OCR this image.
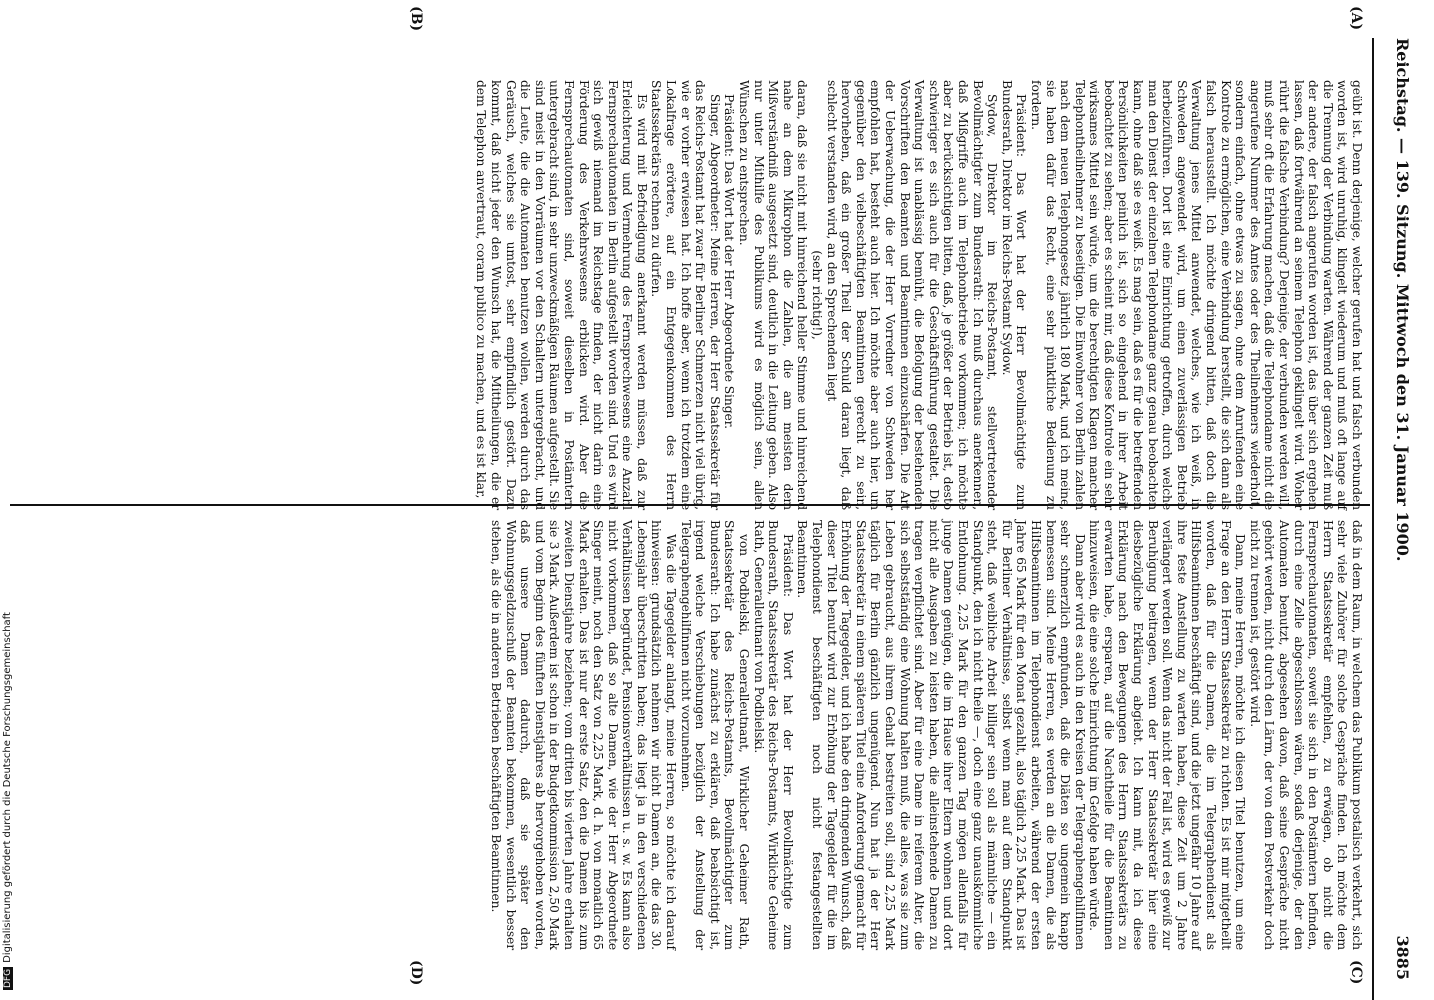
Reichstag. — 139. Sitzung. Mittwoch den 31. Januar 1900.
3885
(A)
(B)
(C)
(D)

geübt ist. Denn derjenige, welcher gerufen hat und falsch verbunden worden ist, wird unruhig, klingelt wiederum und muß oft lange auf die Trennung der Verbindung warten. Während der ganzen Zeit muß der andere, der falsch angerufen worden ist, das über sich ergehen lassen, daß fortwährend an seinem Telephon geklingelt wird. Woher rührt die falsche Verbindung? Derjenige, der verbunden werden will, muß sehr oft die Erfahrung machen, daß die Telephondame nicht die angerufene Nummer des Amtes oder des Theilnehmers wiederholt, sondern einfach, ohne etwas zu sagen, ohne dem Anrufenden eine Kontrole zu ermöglichen, eine Verbindung herstellt, die sich dann als falsch herausstellt. Ich möchte dringend bitten, daß doch die Verwaltung jenes Mittel anwendet, welches, wie ich weiß, in Schweden angewendet wird, um einen zuverlässigen Betrieb herbeizuführen. Dort ist eine Einrichtung getroffen, durch welche man den Dienst der einzelnen Telephondame ganz genau beobachten kann, ohne daß sie es weiß. Es mag sein, daß es für die betreffenden Persönlichkeiten peinlich ist, sich so eingehend in ihrer Arbeit beobachtet zu sehen; aber es scheint mir, daß diese Kontrole ein sehr wirksames Mittel sein würde, um die berechtigten Klagen mancher Telephontheilnehmer zu beseitigen. Die Einwohner von Berlin zahlen nach dem neuen Telephongesetz jährlich 180 Mark, und ich meine, sie haben dafür das Recht, eine sehr pünktliche Bedienung zu fordern.

Präsident: Das Wort hat der Herr Bevollmächtigte zum Bundesrath, Direktor im Reichs-Postamt Sydow.

Sydow, Direktor im Reichs-Postamt, stellvertretender Bevollmächtigter zum Bundesrath: Ich muß durchaus anerkennen, daß Mißgriffe auch im Telephonbetriebe vorkommen; ich möchte aber zu berücksichtigen bitten, daß, je größer der Betrieb ist, desto schwieriger es sich auch für die Geschäftsführung gestaltet. Die Verwaltung ist unablässig bemüht, die Befolgung der bestehenden Vorschriften den Beamten und Beamtinnen einzuschärfen. Die Art der Ueberwachung, die der Herr Vorredner von Schweden her empfohlen hat, besteht auch hier. Ich möchte aber auch hier, um gegenüber den vielbeschäftigten Beamtinnen gerecht zu sein, hervorheben, daß ein großer Theil der Schuld daran liegt, daß schlecht verstanden wird, an den Sprechenden liegt

(sehr richtig!),

daran, daß sie nicht mit hinreichend heller Stimme und hinreichend nahe an dem Mikrophon die Zahlen, die am meisten dem Mißverständniß ausgesetzt sind, deutlich in die Leitung geben. Also nur unter Mithilfe des Publikums wird es möglich sein, allen Wünschen zu entsprechen.

Präsident: Das Wort hat der Herr Abgeordnete Singer.

Singer, Abgeordneter: Meine Herren, der Herr Staatssekretär für das Reichs-Postamt hat zwar für Berliner Schmerzen nicht viel übrig, wie er vorher erwiesen hat. Ich hoffe aber, wenn ich trotzdem eine Lokalfrage erörtere, auf ein Entgegenkommen des Herrn Staatssekretärs rechnen zu dürfen.

Es wird mit Befriedigung anerkannt werden müssen, daß zur Erleichterung und Vermehrung des Fernsprechwesens eine Anzahl Fernsprechautomaten in Berlin aufgestellt worden sind. Und es wird sich gewiß niemand im Reichstage finden, der nicht darin eine Förderung des Verkehrswesens erblicken wird. Aber die Fernsprechautomaten sind, soweit dieselben in Postämtern untergebracht sind, in sehr unzweckmäßigen Räumen aufgestellt. Sie sind meist in den Vorräumen vor den Schaltern untergebracht, und die Leute, die die Automaten benutzen wollen, werden durch das Geräusch, welches sie umtost, sehr empfindlich gestört. Dazu kommt, daß nicht jeder den Wunsch hat, die Mittheilungen, die er dem Telephon anvertraut, coram publico zu machen, und es ist klar,

daß in dem Raum, in welchem das Publikum postalisch verkehrt, sich sehr viele Zuhörer für solche Gespräche finden. Ich möchte dem Herrn Staatssekretär empfehlen, zu erwägen, ob nicht die Fernsprechautomaten, soweit sie sich in den Postämtern befinden, durch eine Zelle abgeschlossen wären, sodaß derjenige, der den Automaten benutzt, abgesehen davon, daß seine Gespräche nicht gehört werden, nicht durch den Lärm, der von dem Postverkehr doch nicht zu trennen ist, gestört wird.

Dann, meine Herren, möchte ich diesen Titel benutzen, um eine Frage an den Herrn Staatssekretär zu richten. Es ist mir mitgetheilt worden, daß für die Damen, die im Telegraphendienst als Hilfsbeamtinnen beschäftigt sind, und die jetzt ungefähr 10 Jahre auf ihre feste Anstellung zu warten haben, diese Zeit um 2 Jahre verlängert werden soll. Wenn das nicht der Fall ist, wird es gewiß zur Beruhigung beitragen, wenn der Herr Staatssekretär hier eine diesbezügliche Erklärung abgiebt. Ich kann mit, da ich diese Erklärung nach den Bewegungen des Herrn Staatssekretärs zu erwarten habe, ersparen, auf die Nachtheile für die Beamtinnen hinzuweisen, die eine solche Einrichtung im Gefolge haben würde.

Dann aber wird es auch in den Kreisen der Telegraphengehilfinnen sehr schmerzlich empfunden, daß die Diäten so ungemein knapp bemessen sind. Meine Herren, es werden an die Damen, die als Hilfsbeamtinnen im Telephondienst arbeiten, während der ersten Jahre 65 Mark für den Monat gezahlt, also täglich 2,25 Mark. Das ist für Berliner Verhältnisse, selbst wenn man auf dem Standpunkt steht, daß weibliche Arbeit billiger sein soll als männliche — ein Standpunkt, den ich nicht theile —, doch eine ganz unauskömmliche Entlohnung. 2,25 Mark für den ganzen Tag mögen allenfalls für junge Damen genügen, die im Hause ihrer Eltern wohnen und dort nicht alle Ausgaben zu leisten haben, die alleinstehende Damen zu tragen verpflichtet sind. Aber für eine Dame in reiferem Alter, die sich selbstständig eine Wohnung halten muß, die alles, was sie zum Leben gebraucht, aus ihrem Gehalt bestreiten soll, sind 2,25 Mark täglich für Berlin gänzlich ungenügend. Nun hat ja der Herr Staatssekretär in einem späteren Titel eine Anforderung gemacht für Erhöhung der Tagegelder, und ich habe den dringenden Wunsch, daß dieser Titel benutzt wird zur Erhöhung der Tagegelder für die im Telephondienst beschäftigten noch nicht festangestellten Beamtinnen.

Präsident: Das Wort hat der Herr Bevollmächtigte zum Bundesrath, Staatssekretär des Reichs-Postamts, Wirkliche Geheime Rath, Generalleutnant von Podbielski.

von Podbielski, Generalleutnant, Wirklicher Geheimer Rath, Staatssekretär des Reichs-Postamts, Bevollmächtigter zum Bundesrath: Ich habe zunächst zu erklären, daß beabsichtigt ist, irgend welche Verschiebungen bezüglich der Anstellung der Telegraphengehilfinnen nicht vorzunehmen.

Was die Tagegelder anlangt, meine Herren, so möchte ich darauf hinweisen: grundsätzlich nehmen wir nicht Damen an, die das 30. Lebensjahr überschritten haben; das liegt ja in den verschiedenen Verhältnissen begründet, Pensionsverhältnissen u. s. w. Es kann also nicht vorkommen, daß so alte Damen, wie der Herr Abgeordnete Singer meint, noch den Satz von 2,25 Mark, d. h. von monatlich 65 Mark erhalten. Das ist nur der erste Satz, den die Damen bis zum zweiten Dienstjahre beziehen; vom dritten bis vierten Jahre erhalten sie 3 Mark. Außerdem ist schon in der Budgetkommission 2,50 Mark und vom Beginn des fünften Dienstjahres ab hervorgehoben worden, daß unsere Damen dadurch, daß sie später den Wohnungsgeldzuschuß der Beamten bekommen, wesentlich besser stehen, als die in anderen Betrieben beschäftigten Beamtinnen.

DFGDigitalisierung gefördert durch die Deutsche Forschungsgemeinschaft
